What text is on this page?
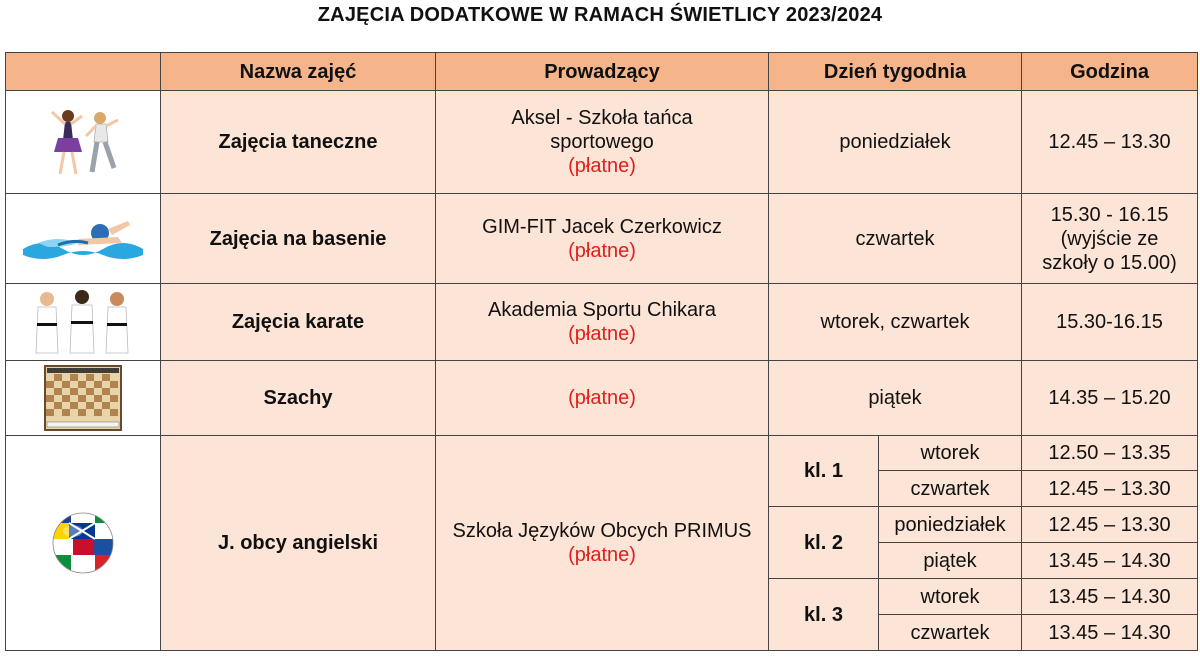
ZAJĘCIA DODATKOWE W RAMACH ŚWIETLICY 2023/2024
	Nazwa zajęć	Prowadzący	Dzień tygodnia		Godzina

	Zajęcia taneczne	Aksel - Szkoła tańca
sportowego
(płatne)	poniedziałek		12.45 – 13.30

	Zajęcia na basenie	GIM-FIT Jacek Czerkowicz
(płatne)	czwartek		15.30 - 16.15
(wyjście ze
szkoły o 15.00)

	Zajęcia karate	Akademia Sportu Chikara
(płatne)	wtorek, czwartek		15.30-16.15

	Szachy	(płatne)	piątek		14.35 – 15.20

	J. obcy angielski	Szkoła Języków Obcych PRIMUS
(płatne)	kl. 1	wtorek	12.50 – 13.35
				czwartek	12.45 – 13.30
			kl. 2	poniedziałek	12.45 – 13.30
				piątek	13.45 – 14.30
			kl. 3	wtorek	13.45 – 14.30
				czwartek	13.45 – 14.30
